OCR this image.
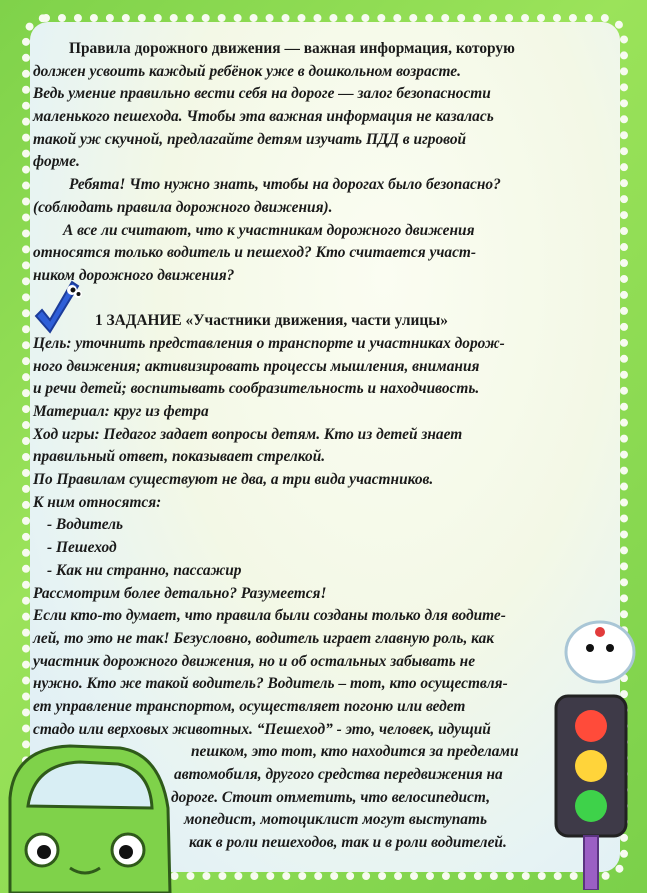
Правила дорожного движения — важная информация, которую
должен усвоить каждый ребёнок уже в дошкольном возрасте.
Ведь умение правильно вести себя на дороге — залог безопасности
маленького пешехода. Чтобы эта важная информация не казалась
такой уж скучной, предлагайте детям изучать ПДД в игровой
форме.
Ребята! Что нужно знать, чтобы на дорогах было безопасно?
(соблюдать правила дорожного движения).
А все ли считают, что к участникам дорожного движения
относятся только водитель и пешеход? Кто считается участ-
ником дорожного движения?
1 ЗАДАНИЕ «Участники движения, части улицы»
Цель: уточнить представления о транспорте и участниках дорож-
ного движения; активизировать процессы мышления, внимания
и речи детей; воспитывать сообразительность и находчивость.
Материал: круг из фетра
Ход игры: Педагог задает вопросы детям. Кто из детей знает
правильный ответ, показывает стрелкой.
По Правилам существуют не два, а три вида участников.
К ним относятся:
- Водитель
- Пешеход
- Как ни странно, пассажир
Рассмотрим более детально? Разумеется!
Если кто-то думает, что правила были созданы только для водите-
лей, то это не так! Безусловно, водитель играет главную роль, как
участник дорожного движения, но и об остальных забывать не
нужно. Кто же такой водитель? Водитель – тот, кто осуществля-
ет управление транспортом, осуществляет погоню или ведет
стадо или верховых животных. “Пешеход” - это, человек, идущий
пешком, это тот, кто находится за пределами
автомобиля, другого средства передвижения на
дороге. Стоит отметить, что велосипедист,
мопедист, мотоциклист могут выступать
как в роли пешеходов, так и в роли водителей.
